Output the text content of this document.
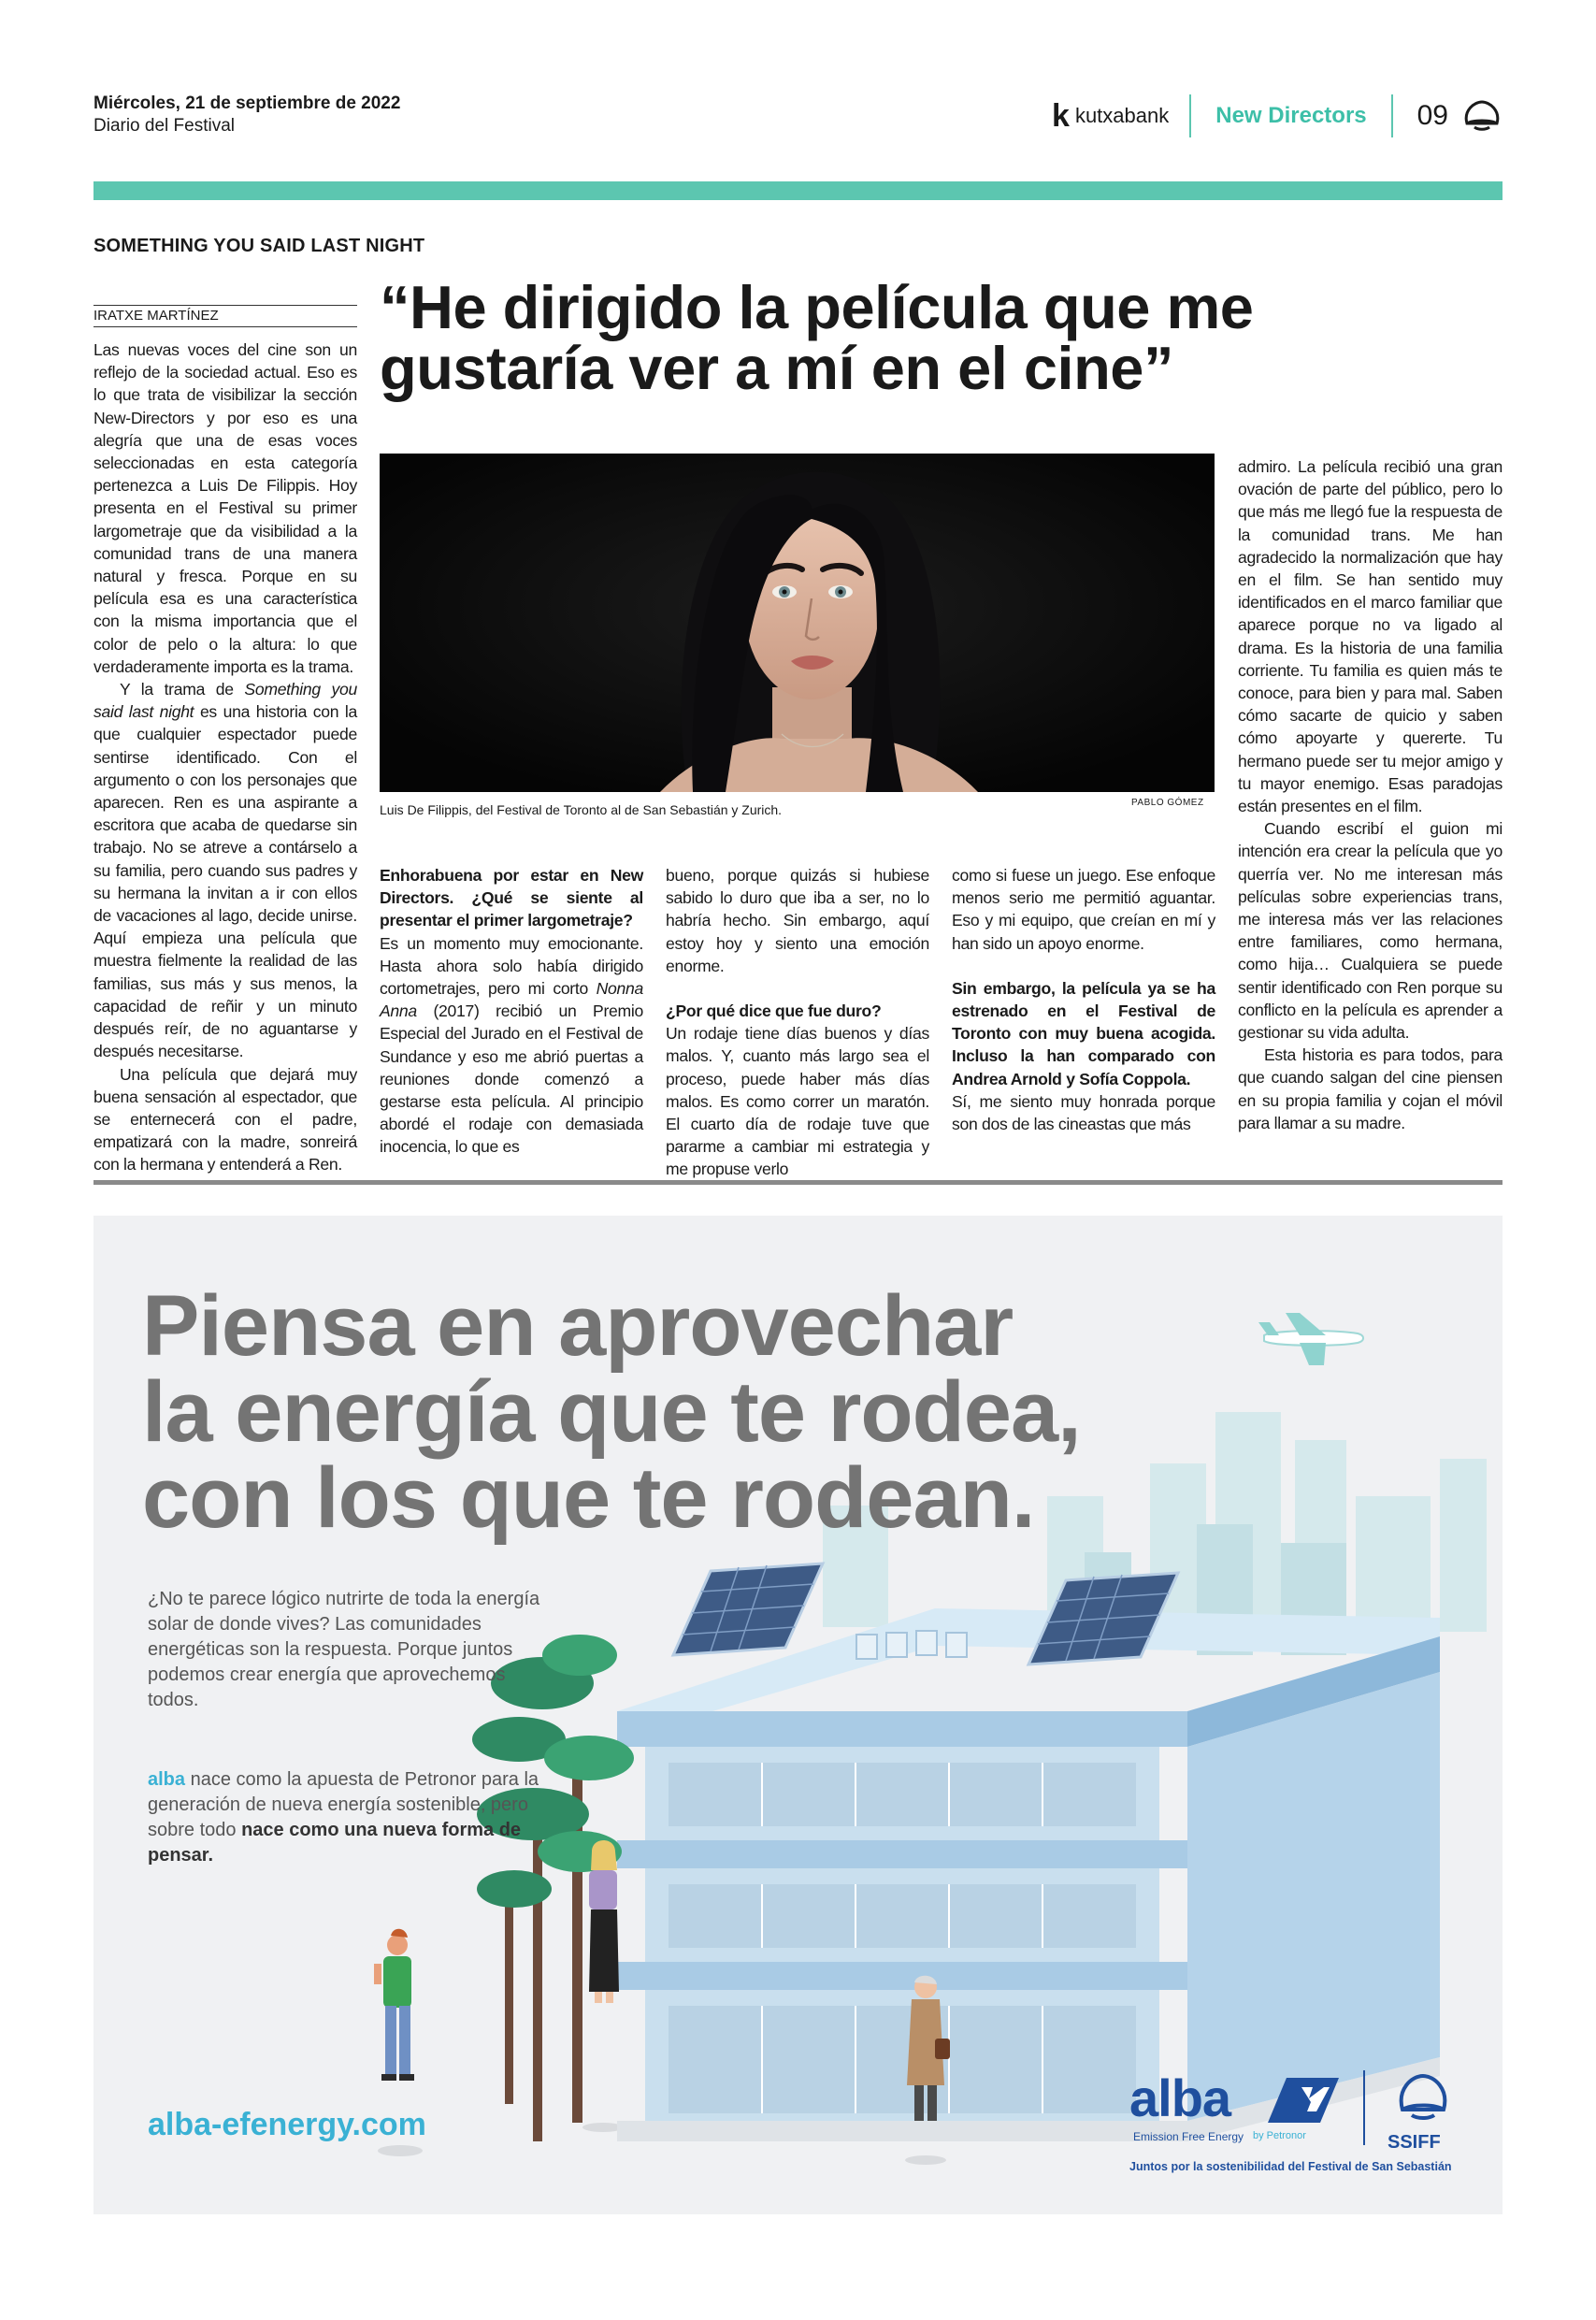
Miércoles, 21 de septiembre de 2022
Diario del Festival	k kutxabank	New Directors	09
SOMETHING YOU SAID LAST NIGHT
IRATXE MARTÍNEZ	“He dirigido la película que me gustaría ver a mí en el cine”

Las nuevas voces del cine son un reflejo de la sociedad actual. Eso es lo que trata de visibilizar la sección New-Directors y por eso es una alegría que una de esas voces seleccionadas en esta categoría pertenezca a Luis De Filippis. Hoy presenta en el Festival su primer largometraje que da visibilidad a la comunidad trans de una manera natural y fresca. Porque en su película esa es una característica con la misma importancia que el color de pelo o la altura: lo que verdaderamente importa es la trama.

Y la trama de Something you said last night es una historia con la que cualquier espectador puede sentirse identificado. Con el argumento o con los personajes que aparecen. Ren es una aspirante a escritora que acaba de quedarse sin trabajo. No se atreve a contárselo a su familia, pero cuando sus padres y su hermana la invitan a ir con ellos de vacaciones al lago, decide unirse. Aquí empieza una película que muestra fielmente la realidad de las familias, sus más y sus menos, la capacidad de reñir y un minuto después reír, de no aguantarse y después necesitarse.

Una película que dejará muy buena sensación al espectador, que se enternecerá con el padre, empatizará con la madre, sonreirá con la hermana y entenderá a Ren.

Luis De Filippis, del Festival de Toronto al de San Sebastián y Zurich.	PABLO GÓMEZ

Enhorabuena por estar en New Directors. ¿Qué se siente al presentar el primer largometraje?

Es un momento muy emocionante. Hasta ahora solo había dirigido cortometrajes, pero mi corto Nonna Anna (2017) recibió un Premio Especial del Jurado en el Festival de Sundance y eso me abrió puertas a reuniones donde comenzó a gestarse esta película. Al principio abordé el rodaje con demasiada inocencia, lo que es

bueno, porque quizás si hubiese sabido lo duro que iba a ser, no lo habría hecho. Sin embargo, aquí estoy hoy y siento una emoción enorme.

¿Por qué dice que fue duro?

Un rodaje tiene días buenos y días malos. Y, cuanto más largo sea el proceso, puede haber más días malos. Es como correr un maratón. El cuarto día de rodaje tuve que pararme a cambiar mi estrategia y me propuse verlo

como si fuese un juego. Ese enfoque menos serio me permitió aguantar. Eso y mi equipo, que creían en mí y han sido un apoyo enorme.

Sin embargo, la película ya se ha estrenado en el Festival de Toronto con muy buena acogida. Incluso la han comparado con Andrea Arnold y Sofía Coppola.

Sí, me siento muy honrada porque son dos de las cineastas que más

admiro. La película recibió una gran ovación de parte del público, pero lo que más me llegó fue la respuesta de la comunidad trans. Me han agradecido la normalización que hay en el film. Se han sentido muy identificados en el marco familiar que aparece porque no va ligado al drama. Es la historia de una familia corriente. Tu familia es quien más te conoce, para bien y para mal. Saben cómo sacarte de quicio y saben cómo apoyarte y quererte. Tu hermano puede ser tu mejor amigo y tu mayor enemigo. Esas paradojas están presentes en el film.

Cuando escribí el guion mi intención era crear la película que yo querría ver. No me interesan más películas sobre experiencias trans, me interesa más ver las relaciones entre familiares, como hermana, como hija… Cualquiera se puede sentir identificado con Ren porque su conflicto en la película es aprender a gestionar su vida adulta.

Esta historia es para todos, para que cuando salgan del cine piensen en su propia familia y cojan el móvil para llamar a su madre.

Piensa en aprovechar
la energía que te rodea,
con los que te rodean.
¿No te parece lógico nutrirte de toda la energía solar de donde vives? Las comunidades energéticas son la respuesta. Porque juntos podemos crear energía que aprovechemos todos.
alba nace como la apuesta de Petronor para la generación de nueva energía sostenible, pero sobre todo nace como una nueva forma de pensar.
alba-efenergy.com	alba
Emission Free Energy by Petronor	SSIFF
Juntos por la sostenibilidad del Festival de San Sebastián
